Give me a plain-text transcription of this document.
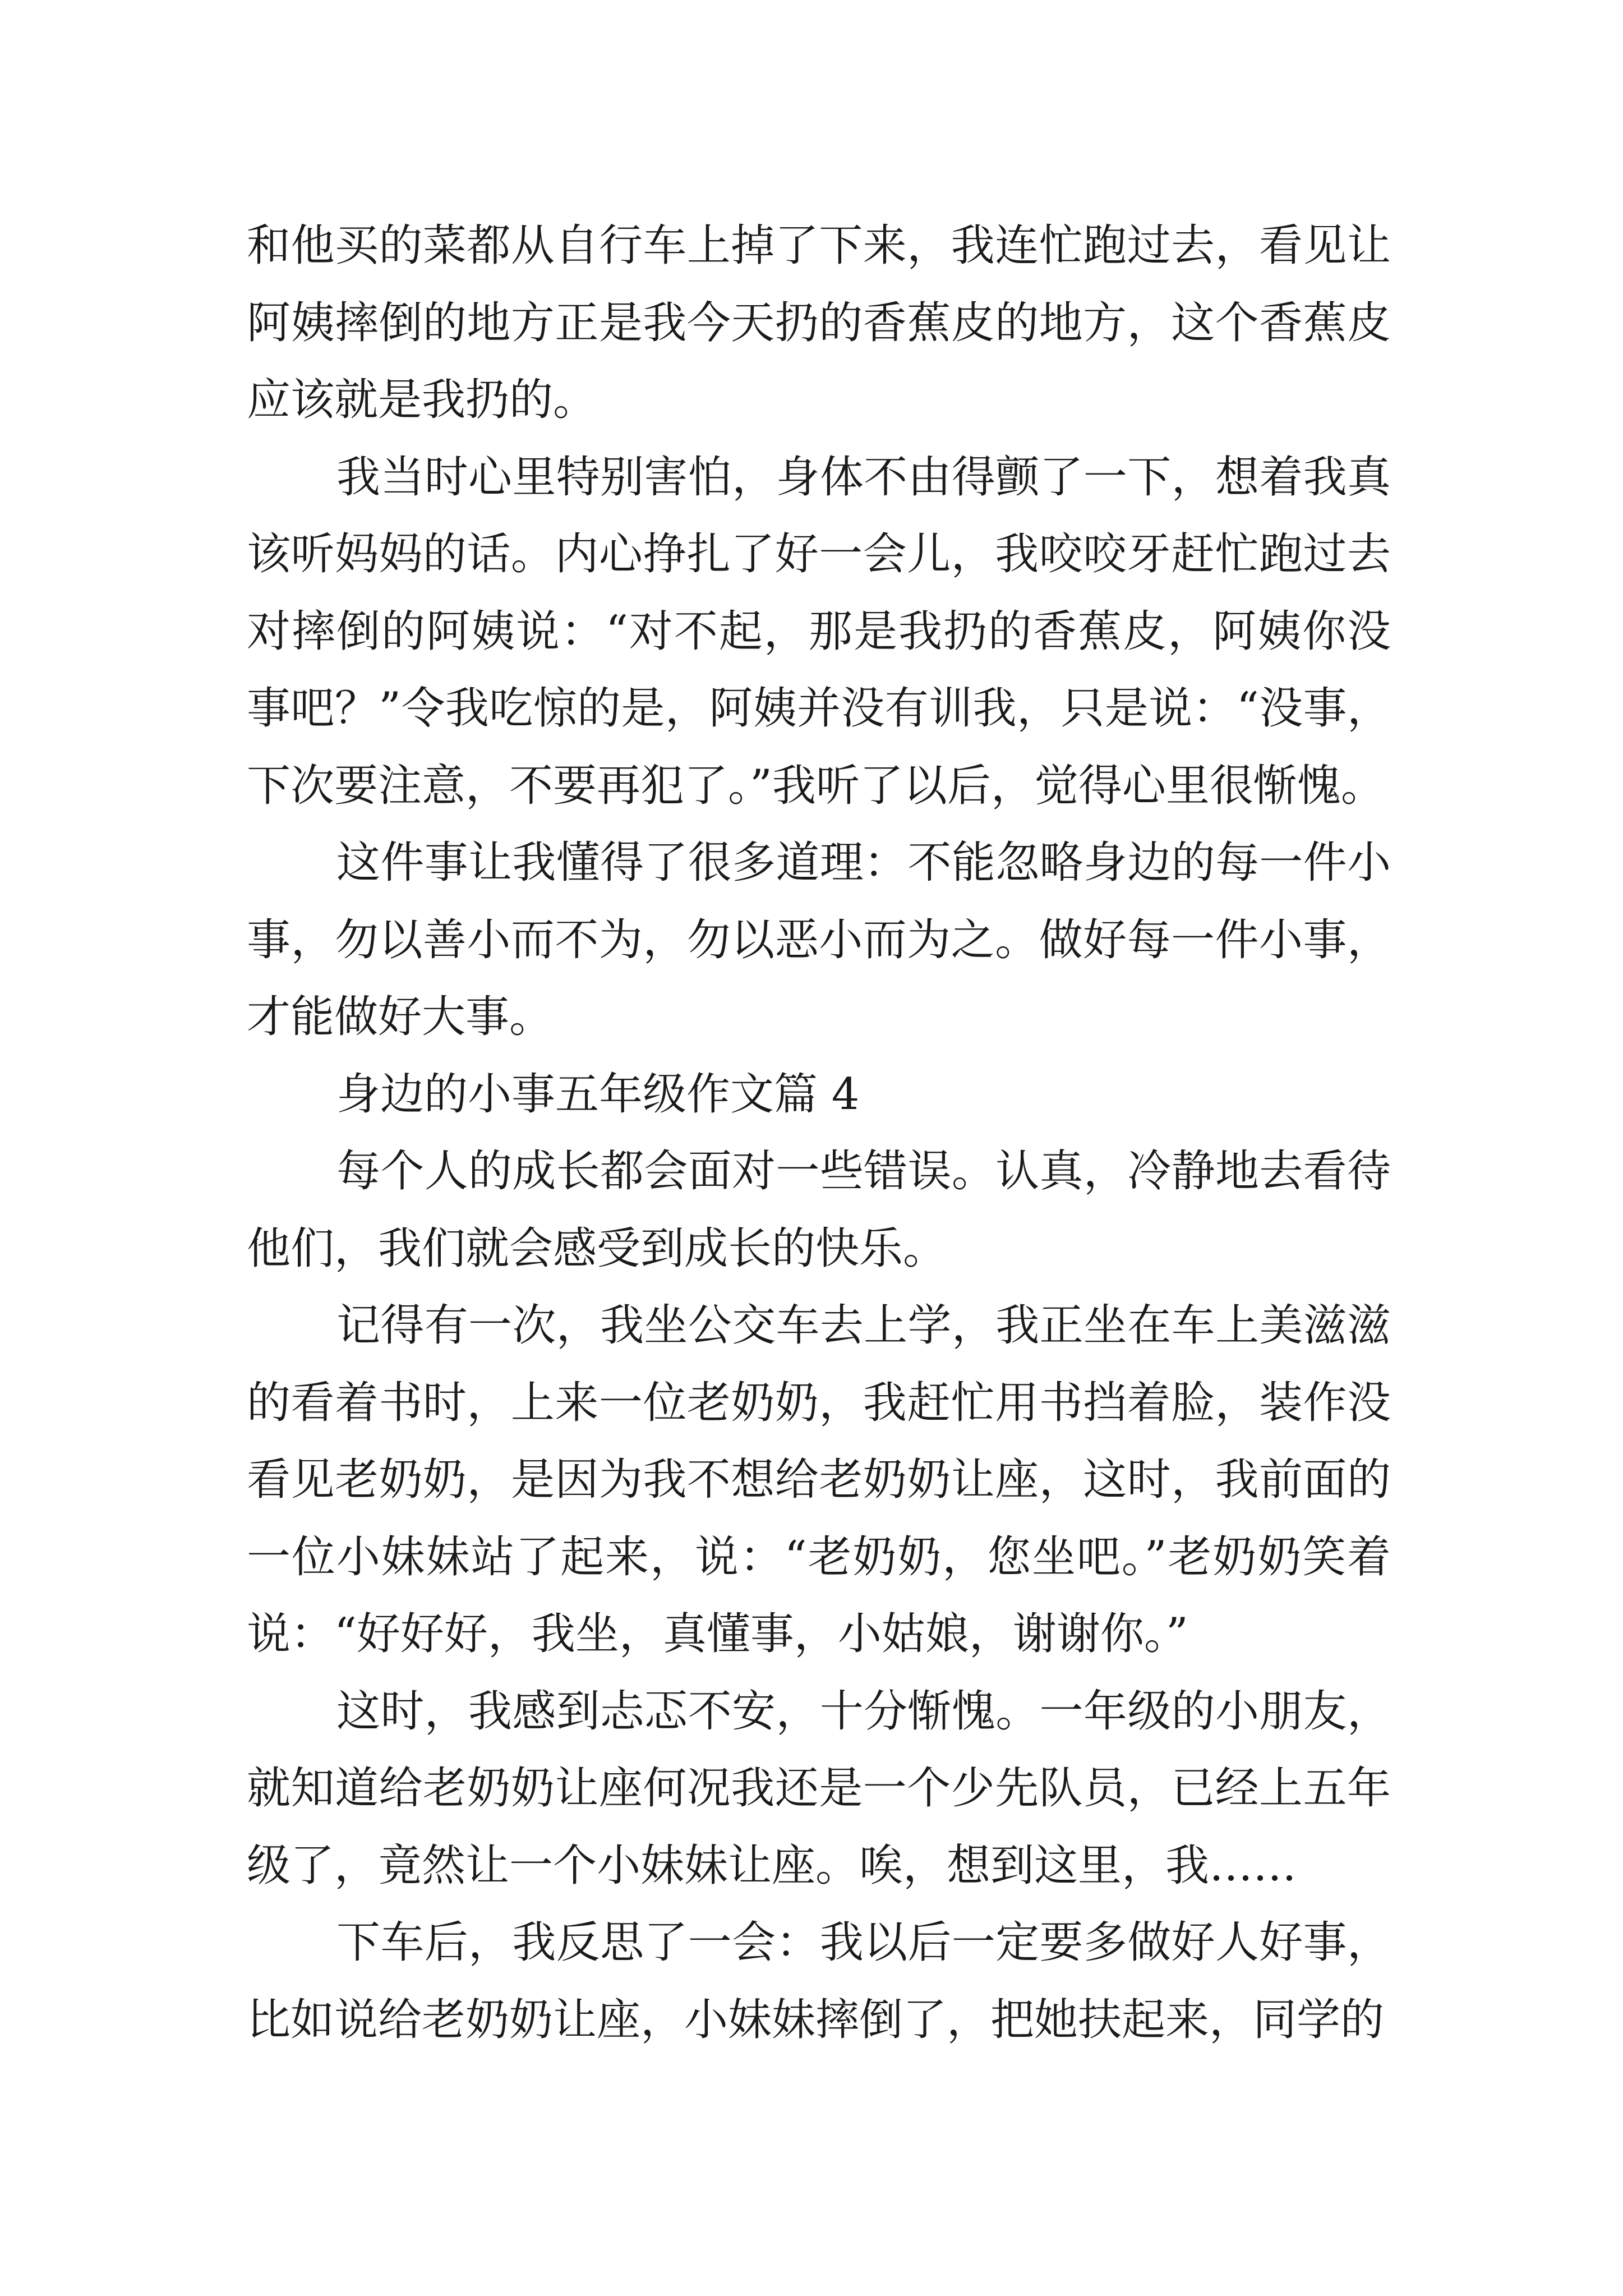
和他买的菜都从自行车上掉了下来，我连忙跑过去，看见让阿姨摔倒的地方正是我今天扔的香蕉皮的地方，这个香蕉皮应该就是我扔的。

我当时心里特别害怕，身体不由得颤了一下，想着我真该听妈妈的话。内心挣扎了好一会儿，我咬咬牙赶忙跑过去对摔倒的阿姨说：“对不起，那是我扔的香蕉皮，阿姨你没事吧？”令我吃惊的是，阿姨并没有训我，只是说：“没事，下次要注意，不要再犯了。”我听了以后，觉得心里很惭愧。

这件事让我懂得了很多道理：不能忽略身边的每一件小事，勿以善小而不为，勿以恶小而为之。做好每一件小事，才能做好大事。

身边的小事五年级作文篇 4

每个人的成长都会面对一些错误。认真，冷静地去看待他们，我们就会感受到成长的快乐。

记得有一次，我坐公交车去上学，我正坐在车上美滋滋的看着书时，上来一位老奶奶，我赶忙用书挡着脸，装作没看见老奶奶，是因为我不想给老奶奶让座，这时，我前面的一位小妹妹站了起来，说：“老奶奶，您坐吧。”老奶奶笑着说：“好好好，我坐，真懂事，小姑娘，谢谢你。”

这时，我感到忐忑不安，十分惭愧。一年级的小朋友，就知道给老奶奶让座何况我还是一个少先队员，已经上五年级了，竟然让一个小妹妹让座。唉，想到这里，我……

下车后，我反思了一会：我以后一定要多做好人好事，比如说给老奶奶让座，小妹妹摔倒了，把她扶起来，同学的
